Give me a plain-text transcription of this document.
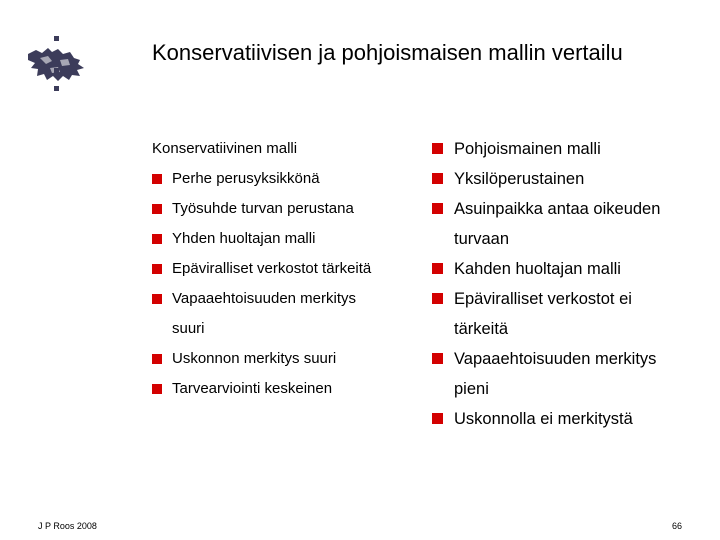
Konservatiivisen ja pohjoismaisen mallin vertailu
Konservatiivinen malli
Perhe perusyksikkönä
Työsuhde turvan perustana
Yhden huoltajan malli
Epäviralliset verkostot tärkeitä
Vapaaehtoisuuden merkitys
suuri
Uskonnon merkitys suuri
Tarvearviointi keskeinen
Pohjoismainen malli
Yksilöperustainen
Asuinpaikka antaa oikeuden
turvaan
Kahden huoltajan malli
Epäviralliset verkostot ei
tärkeitä
Vapaaehtoisuuden merkitys
pieni
Uskonnolla ei merkitystä
J P Roos 2008	66
